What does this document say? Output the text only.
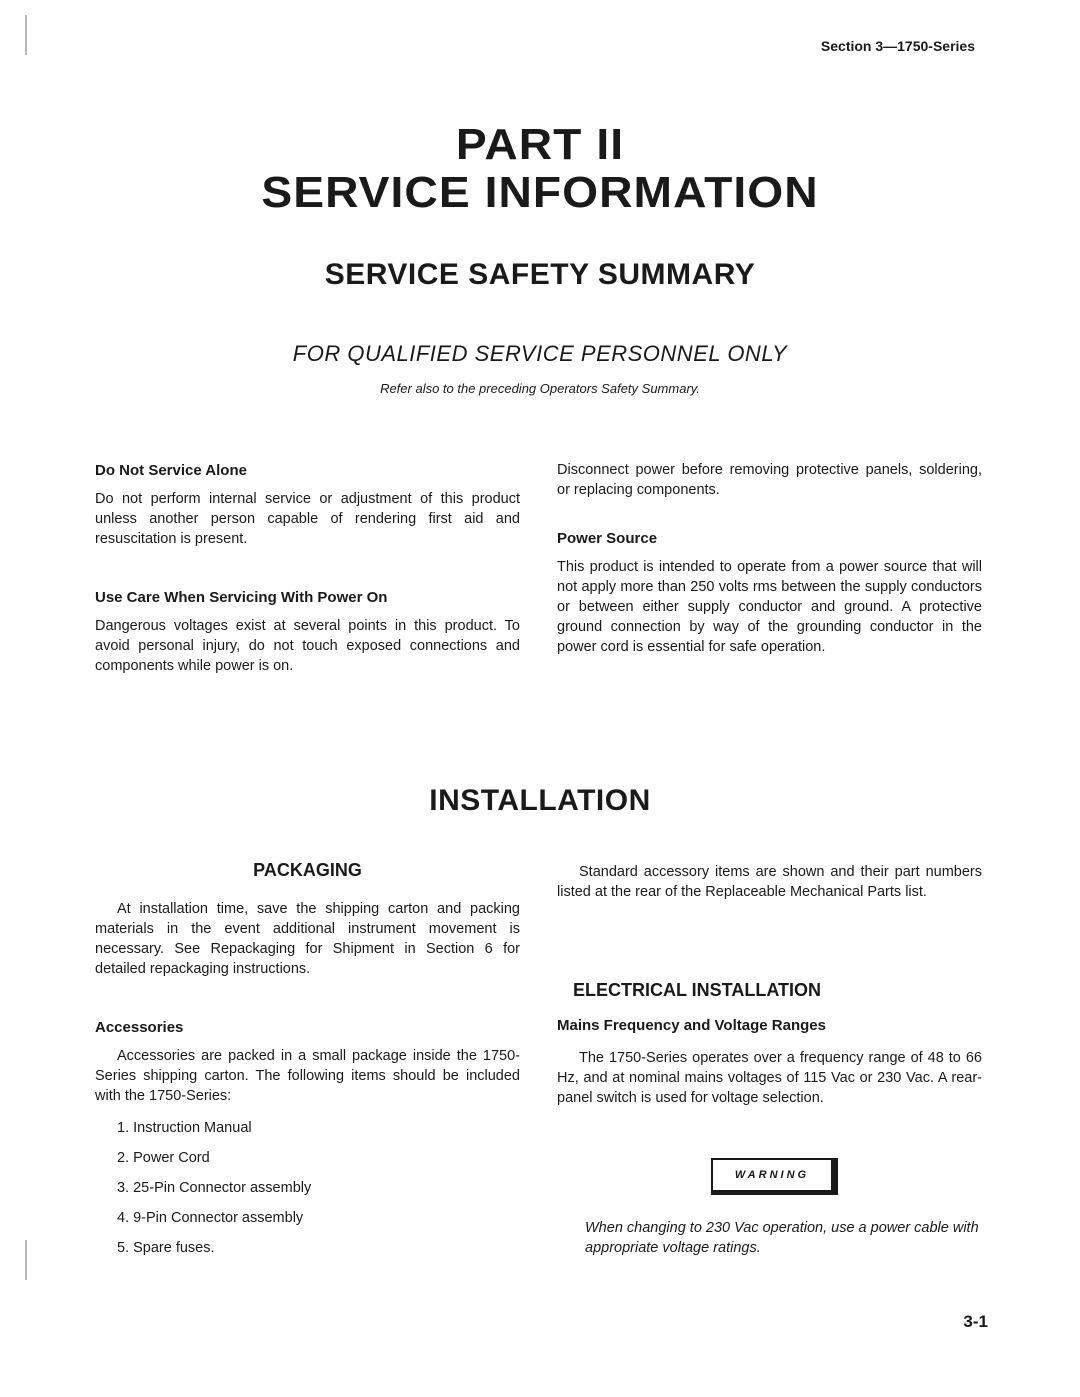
Section 3—1750-Series
PART II
SERVICE INFORMATION
SERVICE SAFETY SUMMARY
FOR QUALIFIED SERVICE PERSONNEL ONLY
Refer also to the preceding Operators Safety Summary.
Do Not Service Alone

Do not perform internal service or adjustment of this product unless another person capable of rendering first aid and resuscitation is present.

Use Care When Servicing With Power On

Dangerous voltages exist at several points in this product. To avoid personal injury, do not touch exposed connections and components while power is on.

Disconnect power before removing protective panels, soldering, or replacing components.

Power Source

This product is intended to operate from a power source that will not apply more than 250 volts rms between the supply conductors or between either supply conductor and ground. A protective ground connection by way of the grounding conductor in the power cord is essential for safe operation.

INSTALLATION
PACKAGING

At installation time, save the shipping carton and packing materials in the event additional instrument movement is necessary. See Repackaging for Shipment in Section 6 for detailed repackaging instructions.

Accessories

Accessories are packed in a small package inside the 1750-Series shipping carton. The following items should be included with the 1750-Series:

1. Instruction Manual
2. Power Cord
3. 25-Pin Connector assembly
4. 9-Pin Connector assembly
5. Spare fuses.

Standard accessory items are shown and their part numbers listed at the rear of the Replaceable Mechanical Parts list.

ELECTRICAL INSTALLATION
Mains Frequency and Voltage Ranges

The 1750-Series operates over a frequency range of 48 to 66 Hz, and at nominal mains voltages of 115 Vac or 230 Vac. A rear-panel switch is used for voltage selection.

WARNING
When changing to 230 Vac operation, use a power cable with appropriate voltage ratings.
3-1
